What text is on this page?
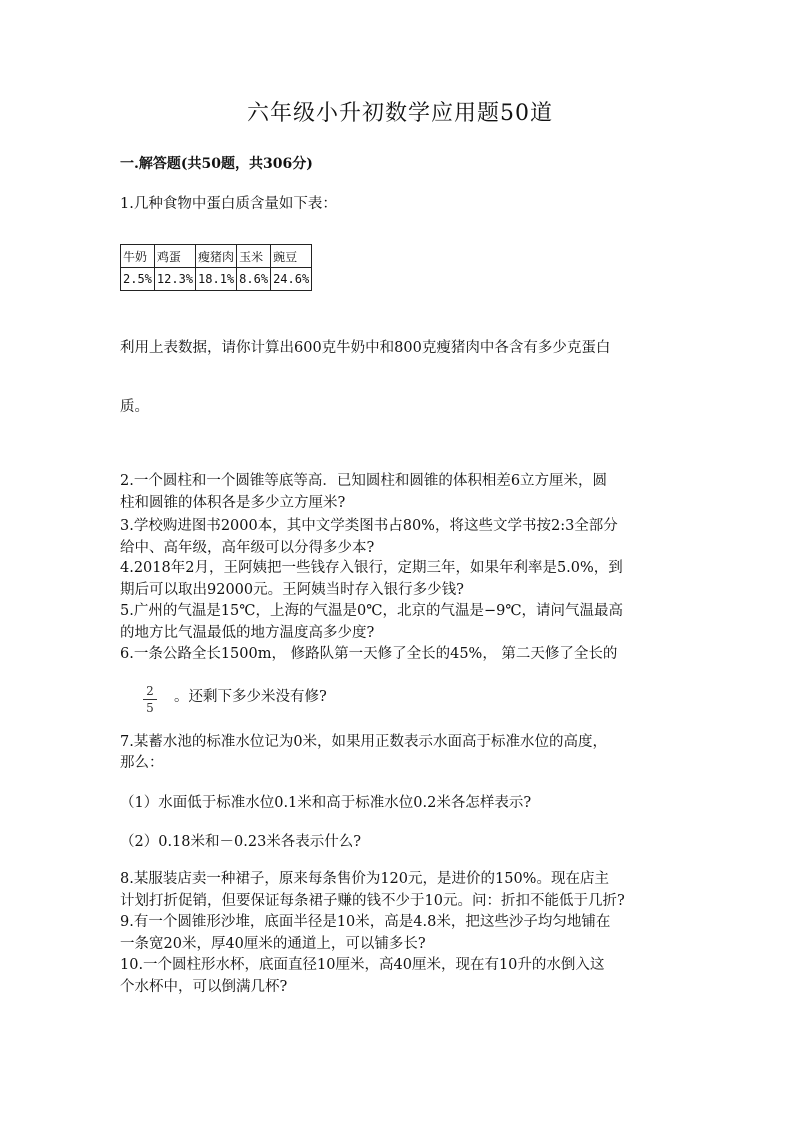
六年级小升初数学应用题50道
一.解答题(共50题，共306分)
1.几种食物中蛋白质含量如下表：
牛奶	鸡蛋	瘦猪肉	玉米	豌豆
2.5%	12.3%	18.1%	8.6%	24.6%
利用上表数据，请你计算出600克牛奶中和800克瘦猪肉中各含有多少克蛋白
质。
2.一个圆柱和一个圆锥等底等高．已知圆柱和圆锥的体积相差6立方厘米，圆
柱和圆锥的体积各是多少立方厘米?
3.学校购进图书2000本，其中文学类图书占80%，将这些文学书按2:3全部分
给中、高年级，高年级可以分得多少本?
4.2018年2月，王阿姨把一些钱存入银行，定期三年，如果年利率是5.0%，到
期后可以取出92000元。王阿姨当时存入银行多少钱?
5.广州的气温是15℃，上海的气温是0℃，北京的气温是−9℃，请问气温最高
的地方比气温最低的地方温度高多少度?
6.一条公路全长1500m， 修路队第一天修了全长的45%， 第二天修了全长的
2
5
。还剩下多少米没有修?
7.某蓄水池的标准水位记为0米，如果用正数表示水面高于标准水位的高度，
那么：
（1）水面低于标准水位0.1米和高于标准水位0.2米各怎样表示?
（2）0.18米和－0.23米各表示什么?
8.某服装店卖一种裙子，原来每条售价为120元，是进价的150%。现在店主
计划打折促销，但要保证每条裙子赚的钱不少于10元。问：折扣不能低于几折?
9.有一个圆锥形沙堆，底面半径是10米，高是4.8米，把这些沙子均匀地铺在
一条宽20米，厚40厘米的通道上，可以铺多长?
10.一个圆柱形水杯，底面直径10厘米，高40厘米，现在有10升的水倒入这
个水杯中，可以倒满几杯?
